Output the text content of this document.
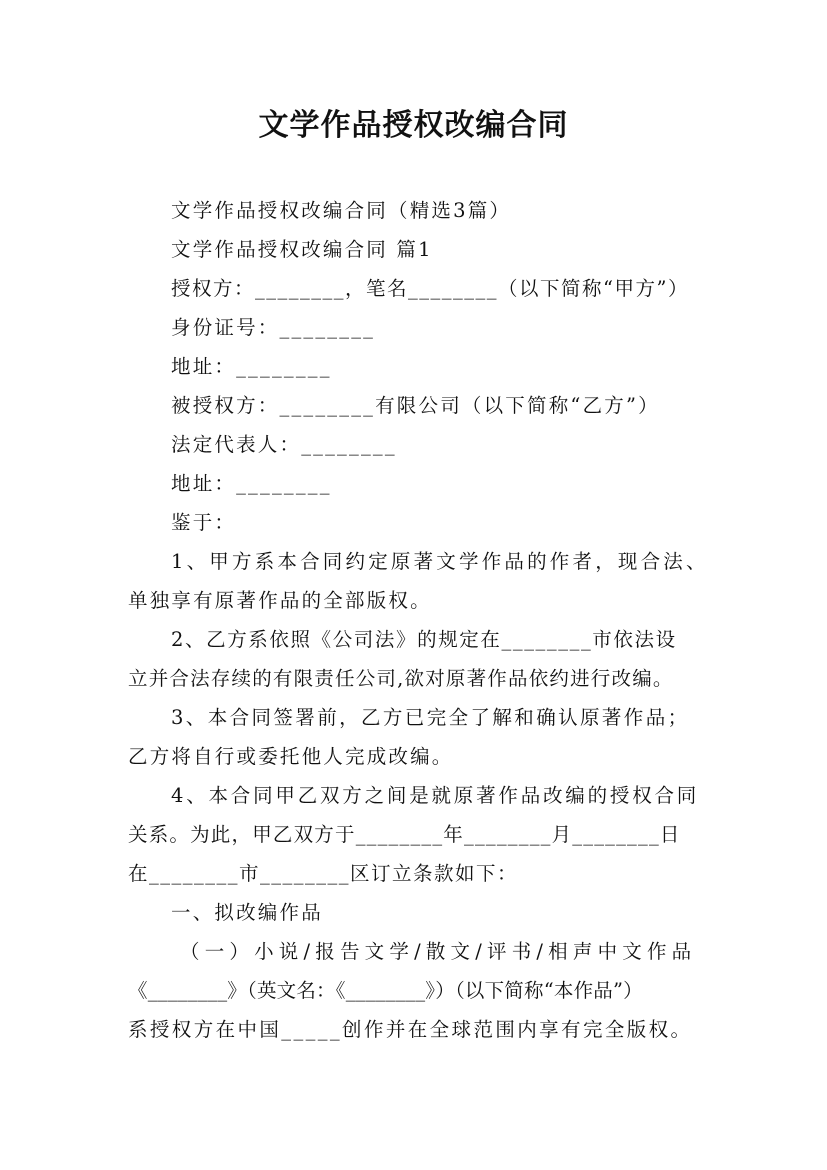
文学作品授权改编合同
文学作品授权改编合同（精选3篇）
文学作品授权改编合同 篇1
授权方：________，笔名________（以下简称“甲方”）
身份证号：________
地址：________
被授权方：________有限公司（以下简称“乙方”）
法定代表人：________
地址：________
鉴于：
1、甲方系本合同约定原著文学作品的作者，现合法、
单独享有原著作品的全部版权。
2、乙方系依照《公司法》的规定在________市依法设
立并合法存续的有限责任公司,欲对原著作品依约进行改编。
3、本合同签署前，乙方已完全了解和确认原著作品；
乙方将自行或委托他人完成改编。
4、本合同甲乙双方之间是就原著作品改编的授权合同
关系。为此，甲乙双方于________年________月________日
在________市________区订立条款如下：
一、拟改编作品
（一）小说/报告文学/散文/评书/相声中文作品
《________》（英文名：《________》）（以下简称“本作品”）
系授权方在中国_____创作并在全球范围内享有完全版权。
